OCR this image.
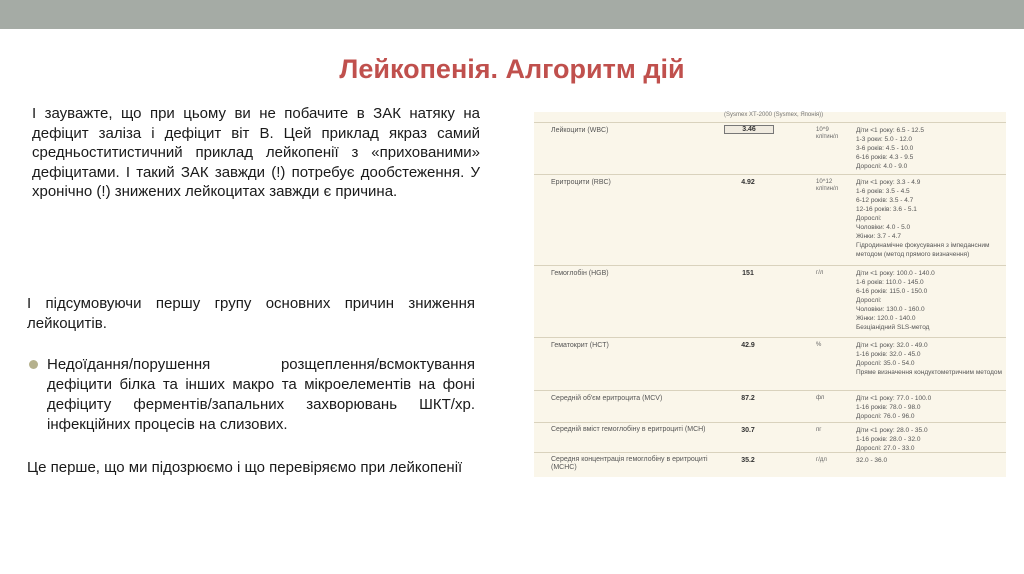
Лейкопенія. Алгоритм дій
І зауважте, що при цьому ви не побачите в ЗАК натяку на дефіцит заліза і дефіцит віт В. Цей приклад якраз самий средньоститистичний приклад лейкопенії з «прихованими» дефіцитами. І такий ЗАК завжди (!) потребує дообстеження. У хронічно (!) знижених лейкоцитах завжди є причина.
І підсумовуючи першу групу основних причин зниження лейкоцитів.
Недоїдання/порушення розщеплення/всмоктування дефіцити білка та інших макро та мікроелементів на фоні дефіциту ферментів/запальних захворювань ШКТ/хр. інфекційних процесів на слизових.
Це перше, що ми підозрюємо і що перевіряємо при лейкопенії
(Sysmex ХТ-2000 (Sysmex, Японія))
Лейкоцити (WBC)	3.46	10^9 клітин/л
Діти <1 року: 6.5 - 12.5
1-3 роки: 5.0 - 12.0
3-6 років: 4.5 - 10.0
6-16 років: 4.3 - 9.5
Дорослі: 4.0 - 9.0
Еритроцити (RBC)	4.92	10^12 клітин/л
Діти <1 року: 3.3 - 4.9
1-6 років: 3.5 - 4.5
6-12 років: 3.5 - 4.7
12-16 років: 3.6 - 5.1
Дорослі:
Чоловіки: 4.0 - 5.0
Жінки: 3.7 - 4.7
Гідродинамічне фокусування з імпедансним методом (метод прямого визначення)
Гемоглобін (HGB)	151	г/л	Діти <1 року: 100.0 - 140.0
1-6 років: 110.0 - 145.0
6-16 років: 115.0 - 150.0
Дорослі:
Чоловіки: 130.0 - 160.0
Жінки: 120.0 - 140.0
Безціанідний SLS-метод
Гематокрит (HCT)	42.9	%	Діти <1 року: 32.0 - 49.0
1-16 років: 32.0 - 45.0
Дорослі: 35.0 - 54.0
Пряме визначення кондуктометричним методом
Середній об'єм еритроцита (MCV)	87.2	фл	Діти <1 року: 77.0 - 100.0
1-16 років: 78.0 - 98.0
Дорослі: 76.0 - 96.0
Середній вміст гемоглобіну в еритроциті (MCH)	30.7	пг	Діти <1 року: 28.0 - 35.0
1-16 років: 28.0 - 32.0
Дорослі: 27.0 - 33.0
Середня концентрація гемоглобіну в еритроциті (MCHC)
35.2	г/дл	32.0 - 36.0
